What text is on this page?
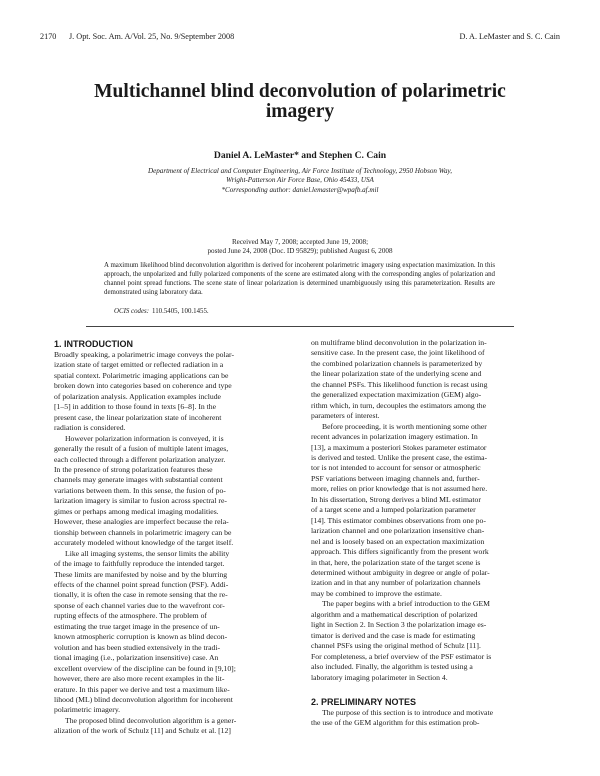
2170 J. Opt. Soc. Am. A/Vol. 25, No. 9/September 2008	D. A. LeMaster and S. C. Cain
Multichannel blind deconvolution of polarimetric imagery
Daniel A. LeMaster* and Stephen C. Cain
Department of Electrical and Computer Engineering, Air Force Institute of Technology, 2950 Hobson Way,
Wright-Patterson Air Force Base, Ohio 45433, USA
*Corresponding author: daniel.lemaster@wpafb.af.mil
Received May 7, 2008; accepted June 19, 2008;
posted June 24, 2008 (Doc. ID 95829); published August 6, 2008
A maximum likelihood blind deconvolution algorithm is derived for incoherent polarimetric imagery using expectation maximization. In this approach, the unpolarized and fully polarized components of the scene are estimated along with the corresponding angles of polarization and channel point spread functions. The scene state of linear polarization is determined unambiguously using this parameterization. Results are demonstrated using laboratory data.
OCIS codes: 110.5405, 100.1455.
1. INTRODUCTION

Broadly speaking, a polarimetric image conveys the polar-
ization state of target emitted or reflected radiation in a
spatial context. Polarimetric imaging applications can be
broken down into categories based on coherence and type
of polarization analysis. Application examples include
[1–5] in addition to those found in texts [6–8]. In the
present case, the linear polarization state of incoherent
radiation is considered.

However polarization information is conveyed, it is
generally the result of a fusion of multiple latent images,
each collected through a different polarization analyzer.
In the presence of strong polarization features these
channels may generate images with substantial content
variations between them. In this sense, the fusion of po-
larization imagery is similar to fusion across spectral re-
gimes or perhaps among medical imaging modalities.
However, these analogies are imperfect because the rela-
tionship between channels in polarimetric imagery can be
accurately modeled without knowledge of the target itself.

Like all imaging systems, the sensor limits the ability
of the image to faithfully reproduce the intended target.
These limits are manifested by noise and by the blurring
effects of the channel point spread function (PSF). Addi-
tionally, it is often the case in remote sensing that the re-
sponse of each channel varies due to the wavefront cor-
rupting effects of the atmosphere. The problem of
estimating the true target image in the presence of un-
known atmospheric corruption is known as blind decon-
volution and has been studied extensively in the tradi-
tional imaging (i.e., polarization insensitive) case. An
excellent overview of the discipline can be found in [9,10];
however, there are also more recent examples in the lit-
erature. In this paper we derive and test a maximum like-
lihood (ML) blind deconvolution algorithm for incoherent
polarimetric imagery.

The proposed blind deconvolution algorithm is a gener-
alization of the work of Schulz [11] and Schulz et al. [12]

on multiframe blind deconvolution in the polarization in-
sensitive case. In the present case, the joint likelihood of
the combined polarization channels is parameterized by
the linear polarization state of the underlying scene and
the channel PSFs. This likelihood function is recast using
the generalized expectation maximization (GEM) algo-
rithm which, in turn, decouples the estimators among the
parameters of interest.

Before proceeding, it is worth mentioning some other
recent advances in polarization imagery estimation. In
[13], a maximum a posteriori Stokes parameter estimator
is derived and tested. Unlike the present case, the estima-
tor is not intended to account for sensor or atmospheric
PSF variations between imaging channels and, further-
more, relies on prior knowledge that is not assumed here.
In his dissertation, Strong derives a blind ML estimator
of a target scene and a lumped polarization parameter
[14]. This estimator combines observations from one po-
larization channel and one polarization insensitive chan-
nel and is loosely based on an expectation maximization
approach. This differs significantly from the present work
in that, here, the polarization state of the target scene is
determined without ambiguity in degree or angle of polar-
ization and in that any number of polarization channels
may be combined to improve the estimate.

The paper begins with a brief introduction to the GEM
algorithm and a mathematical description of polarized
light in Section 2. In Section 3 the polarization image es-
timator is derived and the case is made for estimating
channel PSFs using the original method of Schulz [11].
For completeness, a brief overview of the PSF estimator is
also included. Finally, the algorithm is tested using a
laboratory imaging polarimeter in Section 4.

2. PRELIMINARY NOTES

The purpose of this section is to introduce and motivate
the use of the GEM algorithm for this estimation prob-
